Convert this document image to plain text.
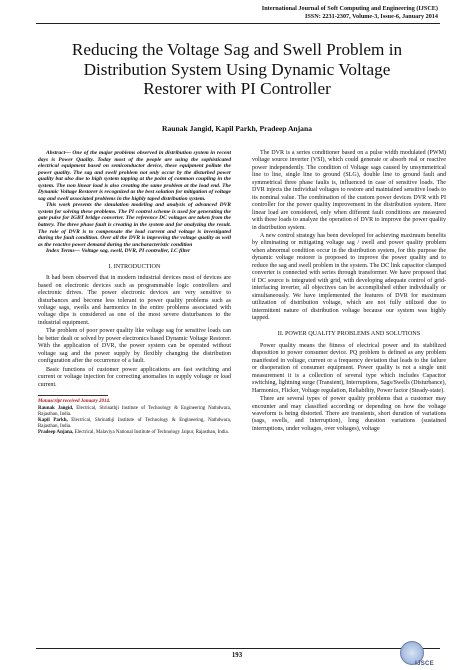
International Journal of Soft Computing and Engineering (IJSCE)
ISSN: 2231-2307, Volume-3, Issue-6, January 2014
Reducing the Voltage Sag and Swell Problem in
Distribution System Using Dynamic Voltage
Restorer with PI Controller
Raunak Jangid, Kapil Parkh, Pradeep Anjana

Abstract— One of the major problems observed in distribution system in recent days is Power Quality. Today most of the people are using the sophisticated electrical equipment based on semiconductor device, these equipment pollute the power quality. The sag and swell problem not only occur by the disturbed power quality but also due to high system tapping at the point of common coupling in the system. The non linear load is also creating the same problem at the load end. The Dynamic Voltage Restorer is recognized as the best solution for mitigation of voltage sag and swell associated problems in the highly taped distribution system.

This work presents the simulation modeling and analysis of advanced DVR system for solving these problems. The PI control scheme is used for generating the gate pulse for IGBT bridge converter. The reference DC voltages are taken from the battery. The three phase fault is creating in the system and for analyzing the result. The role of DVR is to compensate the load current and voltage is investigated during the fault condition. Over all the DVR is improving the voltage quality as well as the reactive power demand during the uncharacteristic condition

Index Terms— Voltage sag, swell, DVR, PI controller, LC filter

I. INTRODUCTION

It had been observed that in modern industrial devices most of devices are based on electronic devices such as programmable logic controllers and electronic drives. The power electronic devices are very sensitive to disturbances and become less tolerant to power quality problems such as voltage sags, swells and harmonics in the entire problems associated with voltage dips is considered as one of the most severe disturbances to the industrial equipment.

The problem of poor power quality like voltage sag for sensitive loads can be better dealt or solved by power electronics based Dynamic Voltage Restorer. With the application of DVR, the power system can be operated without voltage sag and the power supply by flexibly changing the distribution configuration after the occurrence of a fault.

Basic functions of customer power applications are fast switching and current or voltage injection for correcting anomalies in supply voltage or load current.

Manuscript received January 2014.

Raunak Jangid, Electrical, Shrinathji Institute of Technology & Engineering Nathdwara, Rajasthan, India.

Kapil Parkh, Electrical, Shrinathji Institute of Technology & Engineering, Nathdwara, Rajasthan, India.

Pradeep Anjana, Electrical, Malaviya National Institute of Technology Jaipur, Rajasthan, India.

The DVR is a series conditioner based on a pulse width modulated (PWM) voltage source inverter (VSI), which could generate or absorb real or reactive power independently. The condition of Voltage sags caused by unsymmetrical line to line, single line to ground (SLG), double line to ground fault and symmetrical three phase faults is, influenced in case of sensitive loads. The DVR injects the individual voltages to restore and maintained sensitive loads to its nominal value. The combination of the custom power devices DVR with PI controller for the power quality improvement in the distribution system. Here linear load are considered, only when different fault conditions are measured with these loads to analyze the operation of DVR to improve the power quality in distribution system.

A new control strategy has been developed for achieving maximum benefits by eliminating or mitigating voltage sag / swell and power quality problem when abnormal condition occur in the distribution system, for this purpose the dynamic voltage restorer is proposed to improve the power quality and to reduce the sag and swell problem in the system. The DC link capacitor clamped converter is connected with series through transformer. We have proposed that if DC source is integrated with grid, with developing adequate control of grid-interfacing inverter, all objectives can be accomplished either individually or simultaneously. We have implemented the features of DVR for maximum utilization of distribution voltage, which are not fully utilized due to intermittent nature of distribution voltage because our system was highly tapped.

II. POWER QUALITY PROBLEMS AND SOLUTIONS

Power quality means the fitness of electrical power and its stabilized disposition to power consumer device. PQ problem is defined as any problem manifested in voltage, current or a frequency deviation that leads to the failure or disoperation of consumer equipment. Power quality is not a single unit measurement it is a collection of several type which includes Capacitor switching, lightning surge (Transient), Interruptions, Sags/Swells (Disturbance), Harmonics, Flicker, Voltage regulation, Reliability, Power factor (Steady-state).

There are several types of power quality problems that a customer may encounter and may classified according or depending on how the voltage waveform is being distorted. There are transients, short duration of variations (sags, swells, and interruption), long duration variations (sustained interruptions, under voltages, over voltages), voltage

193
IJSCE
